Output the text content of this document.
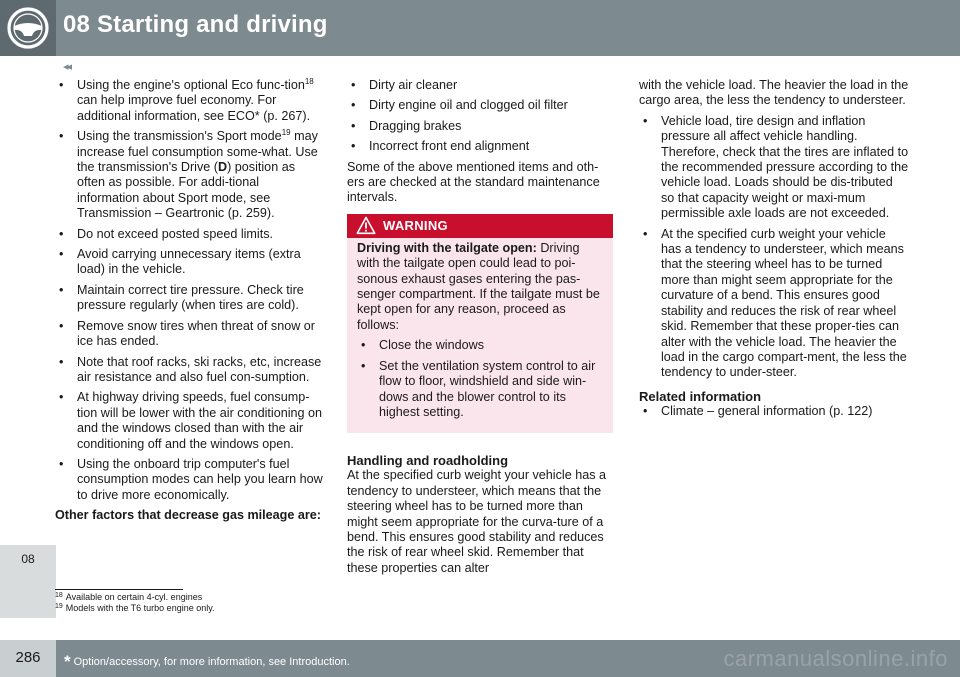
08 Starting and driving
◂◂
08
• Using the engine's optional Eco func-tion$^{18}$ can help improve fuel economy. For additional information, see ECO* (p. 267).
• Using the transmission's Sport mode$^{19}$ may increase fuel consumption some-what. Use the transmission's Drive (D) position as often as possible. For addi-tional information about Sport mode, see Transmission – Geartronic (p. 259).
• Do not exceed posted speed limits.
• Avoid carrying unnecessary items (extra load) in the vehicle.
• Maintain correct tire pressure. Check tire pressure regularly (when tires are cold).
• Remove snow tires when threat of snow or ice has ended.
• Note that roof racks, ski racks, etc, increase air resistance and also fuel con-sumption.
• At highway driving speeds, fuel consump-tion will be lower with the air conditioning on and the windows closed than with the air conditioning off and the windows open.
• Using the onboard trip computer's fuel consumption modes can help you learn how to drive more economically.

Other factors that decrease gas mileage are:

• Dirty air cleaner
• Dirty engine oil and clogged oil filter
• Dragging brakes
• Incorrect front end alignment

Some of the above mentioned items and oth-ers are checked at the standard maintenance intervals.

WARNING

Driving with the tailgate open: Driving with the tailgate open could lead to poi-sonous exhaust gases entering the pas-senger compartment. If the tailgate must be kept open for any reason, proceed as follows:

• Close the windows
• Set the ventilation system control to air flow to floor, windshield and side win-dows and the blower control to its highest setting.
Handling and roadholding

At the specified curb weight your vehicle has a tendency to understeer, which means that the steering wheel has to be turned more than might seem appropriate for the curva-ture of a bend. This ensures good stability and reduces the risk of rear wheel skid. Remember that these properties can alter

with the vehicle load. The heavier the load in the cargo area, the less the tendency to understeer.

• Vehicle load, tire design and inflation pressure all affect vehicle handling. Therefore, check that the tires are inflated to the recommended pressure according to the vehicle load. Loads should be dis-tributed so that capacity weight or maxi-mum permissible axle loads are not exceeded.
• At the specified curb weight your vehicle has a tendency to understeer, which means that the steering wheel has to be turned more than might seem appropriate for the curvature of a bend. This ensures good stability and reduces the risk of rear wheel skid. Remember that these proper-ties can alter with the vehicle load. The heavier the load in the cargo compart-ment, the less the tendency to under-steer.
Related information
• Climate – general information (p. 122)
$^{18}$ Available on certain 4-cyl. engines
$^{19}$ Models with the T6 turbo engine only.
286	* Option/accessory, for more information, see Introduction.	carmanualsonline.info
